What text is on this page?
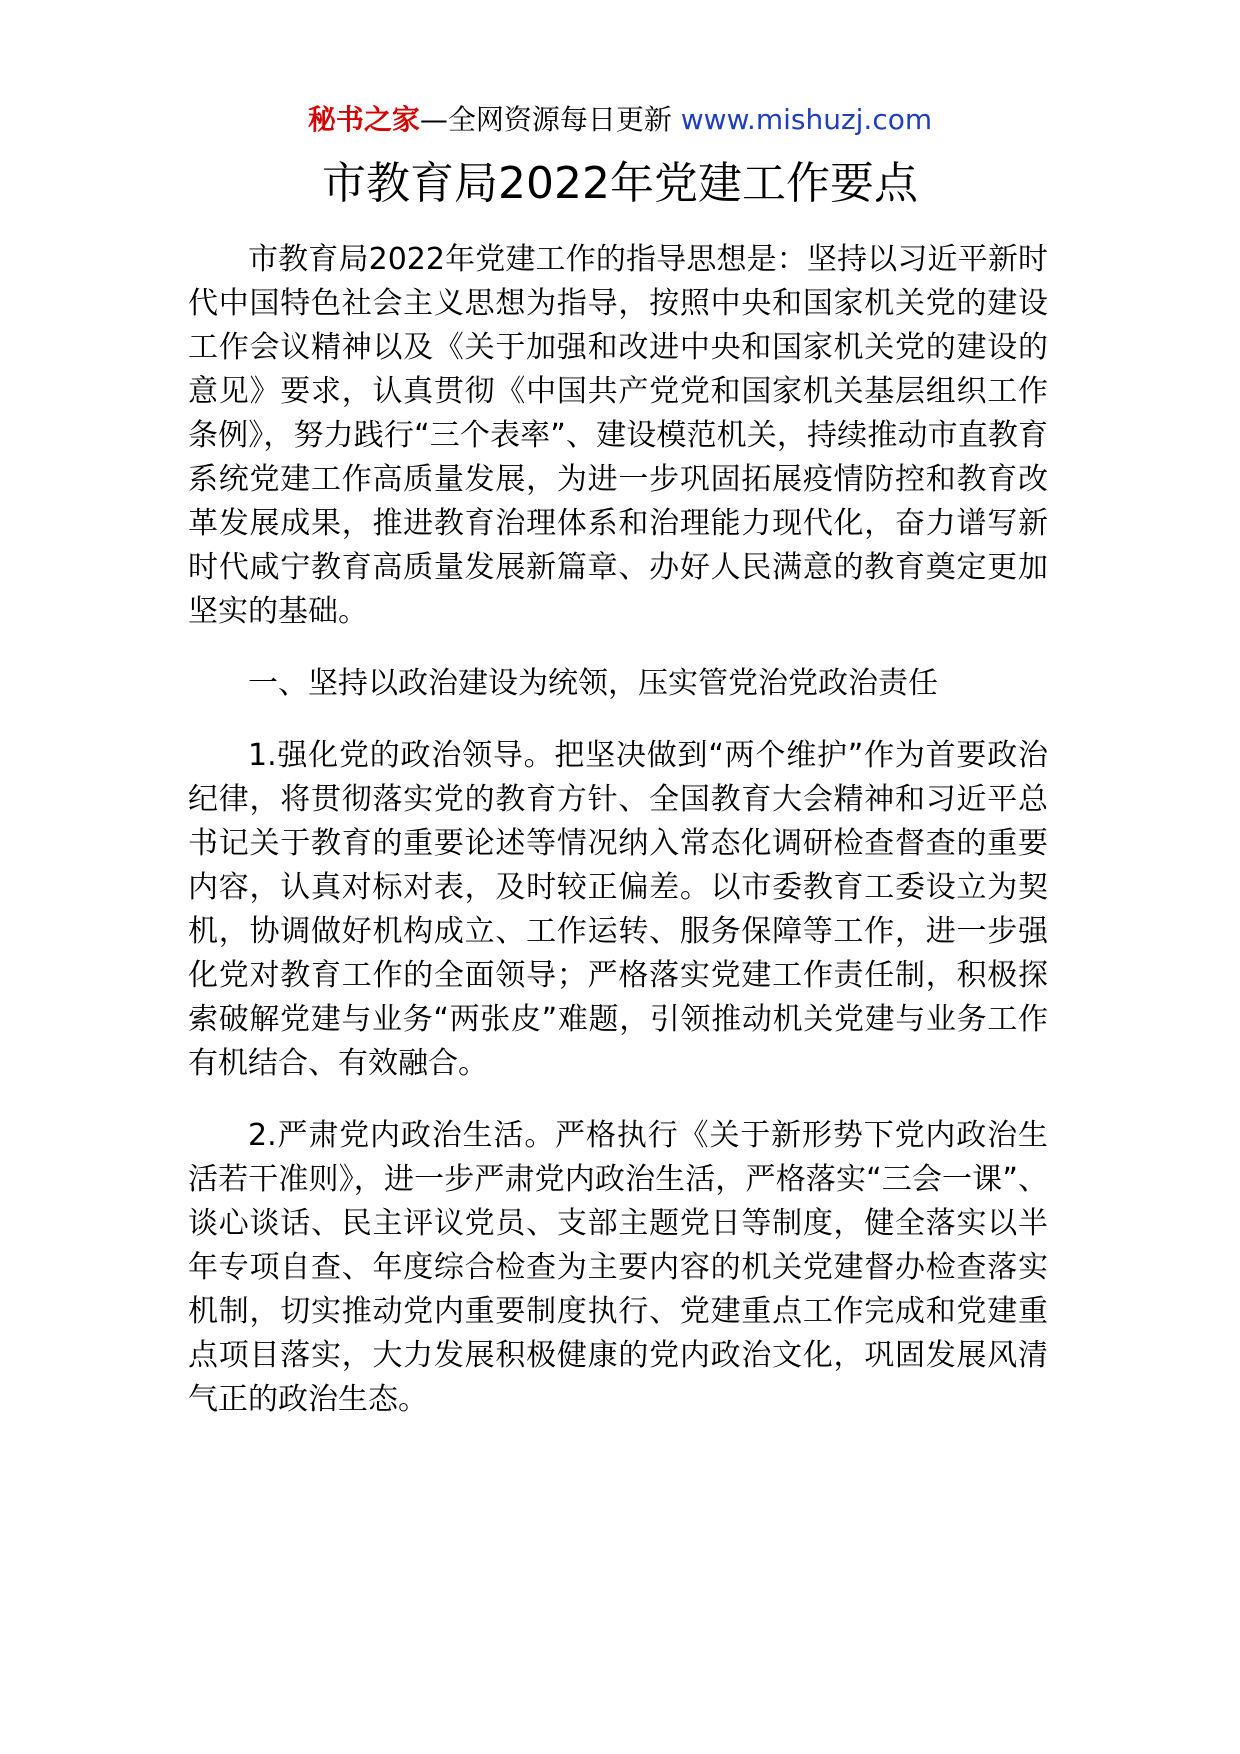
秘书之家—全网资源每日更新 www.mishuzj.com
市教育局2022年党建工作要点

市教育局2022年党建工作的指导思想是：坚持以习近平新时代中国特色社会主义思想为指导，按照中央和国家机关党的建设工作会议精神以及《关于加强和改进中央和国家机关党的建设的意见》要求，认真贯彻《中国共产党党和国家机关基层组织工作条例》，努力践行“三个表率”、建设模范机关，持续推动市直教育系统党建工作高质量发展，为进一步巩固拓展疫情防控和教育改革发展成果，推进教育治理体系和治理能力现代化，奋力谱写新时代咸宁教育高质量发展新篇章、办好人民满意的教育奠定更加坚实的基础。

一、坚持以政治建设为统领，压实管党治党政治责任

1.强化党的政治领导。把坚决做到“两个维护”作为首要政治纪律，将贯彻落实党的教育方针、全国教育大会精神和习近平总书记关于教育的重要论述等情况纳入常态化调研检查督查的重要内容，认真对标对表，及时较正偏差。以市委教育工委设立为契机，协调做好机构成立、工作运转、服务保障等工作，进一步强化党对教育工作的全面领导；严格落实党建工作责任制，积极探索破解党建与业务“两张皮”难题，引领推动机关党建与业务工作有机结合、有效融合。

2.严肃党内政治生活。严格执行《关于新形势下党内政治生活若干准则》，进一步严肃党内政治生活，严格落实“三会一课”、谈心谈话、民主评议党员、支部主题党日等制度，健全落实以半年专项自查、年度综合检查为主要内容的机关党建督办检查落实机制，切实推动党内重要制度执行、党建重点工作完成和党建重点项目落实，大力发展积极健康的党内政治文化，巩固发展风清气正的政治生态。
